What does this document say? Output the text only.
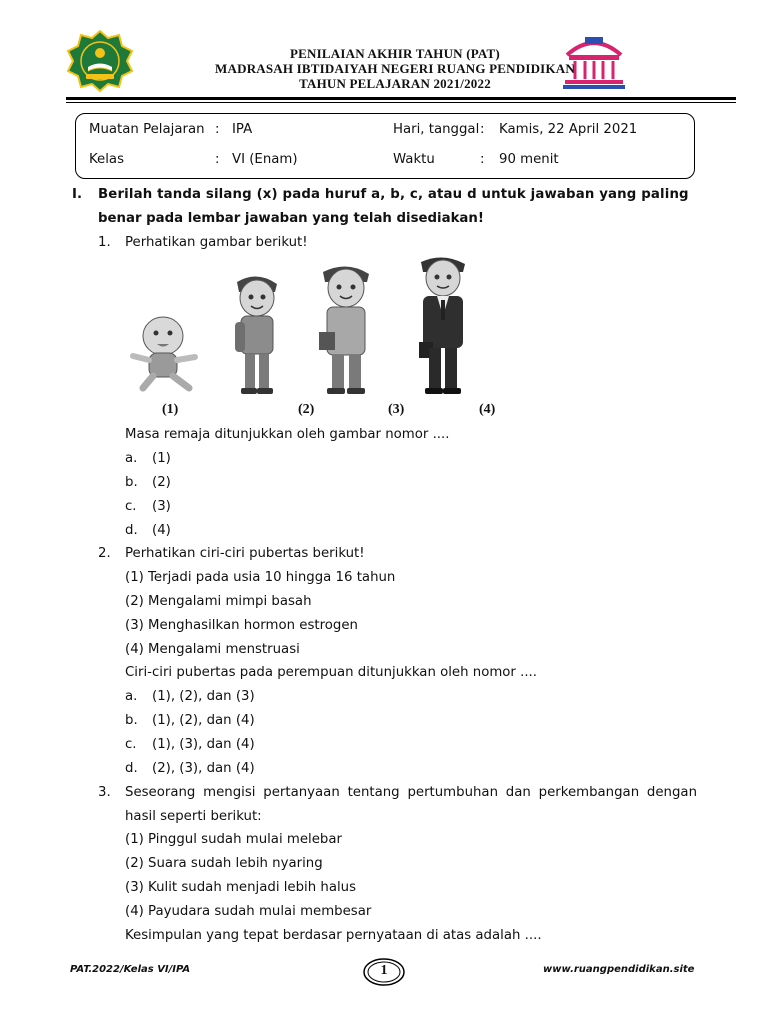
PENILAIAN AKHIR TAHUN (PAT)
MADRASAH IBTIDAIYAH NEGERI RUANG PENDIDIKAN
TAHUN PELAJARAN 2021/2022
Muatan Pelajaran : IPA	Hari, tanggal : Kamis, 22 April 2021
Kelas	: VI (Enam)	Waktu	: 90 menit
I. Berilah tanda silang (x) pada huruf a, b, c, atau d untuk jawaban yang paling
benar pada lembar jawaban yang telah disediakan!
1. Perhatikan gambar berikut!
(1)	(2)	(3)	(4)
Masa remaja ditunjukkan oleh gambar nomor ....
a. (1)
b. (2)
c. (3)
d. (4)
2. Perhatikan ciri-ciri pubertas berikut!
(1) Terjadi pada usia 10 hingga 16 tahun
(2) Mengalami mimpi basah
(3) Menghasilkan hormon estrogen
(4) Mengalami menstruasi
Ciri-ciri pubertas pada perempuan ditunjukkan oleh nomor ....
a. (1), (2), dan (3)
b. (1), (2), dan (4)
c. (1), (3), dan (4)
d. (2), (3), dan (4)
3. Seseorang mengisi pertanyaan tentang pertumbuhan dan perkembangan dengan
hasil seperti berikut:
(1) Pinggul sudah mulai melebar
(2) Suara sudah lebih nyaring
(3) Kulit sudah menjadi lebih halus
(4) Payudara sudah mulai membesar
Kesimpulan yang tepat berdasar pernyataan di atas adalah ....
PAT.2022/Kelas VI/IPA	1	www.ruangpendidikan.site
